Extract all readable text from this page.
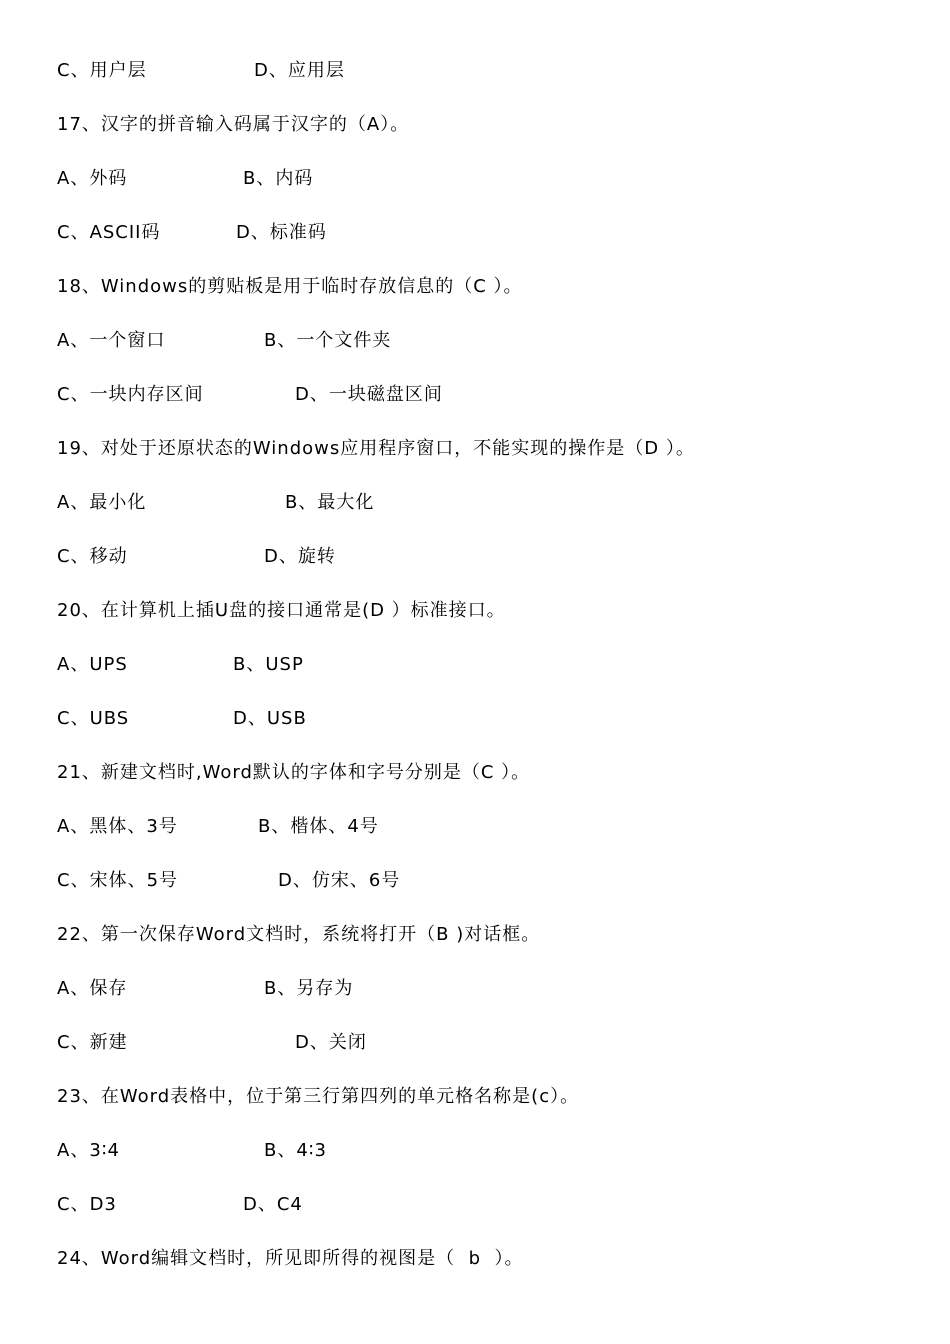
C、用户层

	D、应用层

17、汉字的拼音输入码属于汉字的（A）。

A、外码

	B、内码

C、ASCII码

	D、标准码

18、Windows的剪贴板是用于临时存放信息的（C ）。

A、一个窗口

	B、一个文件夹

C、一块内存区间

	D、一块磁盘区间

19、对处于还原状态的Windows应用程序窗口，不能实现的操作是（D ）。

A、最小化

	B、最大化

C、移动

	D、旋转

20、在计算机上插U盘的接口通常是(D ）标准接口。

A、UPS

	B、USP

C、UBS

	D、USB

21、新建文档时,Word默认的字体和字号分别是（C ）。

A、黑体、3号

	B、楷体、4号

C、宋体、5号

	D、仿宋、6号

22、第一次保存Word文档时，系统将打开（B )对话框。

A、保存

	B、另存为

C、新建

	D、关闭

23、在Word表格中，位于第三行第四列的单元格名称是(c）。

A、3∶4

	B、4∶3

C、D3

	D、C4

24、Word编辑文档时，所见即所得的视图是（  b  ）。
